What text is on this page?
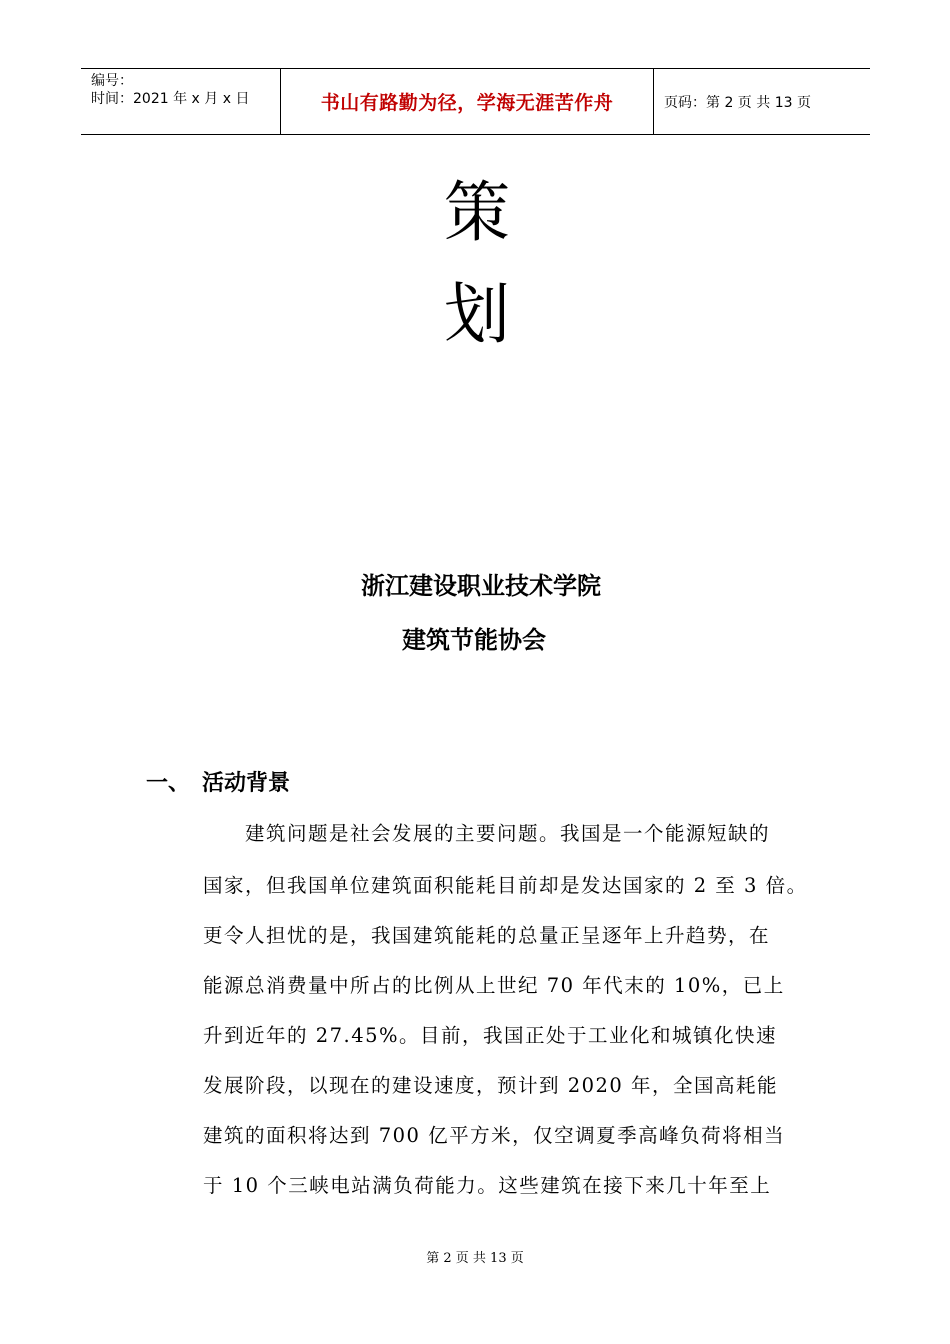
编号：
时间：2021 年 x 月 x 日	书山有路勤为径，学海无涯苦作舟	页码：第 2 页 共 13 页
策
划
浙江建设职业技术学院
建筑节能协会
一、 活动背景
建筑问题是社会发展的主要问题。我国是一个能源短缺的
国家，但我国单位建筑面积能耗目前却是发达国家的 2 至 3 倍。
更令人担忧的是，我国建筑能耗的总量正呈逐年上升趋势，在
能源总消费量中所占的比例从上世纪 70 年代末的 10%，已上
升到近年的 27.45%。目前，我国正处于工业化和城镇化快速
发展阶段，以现在的建设速度，预计到 2020 年，全国高耗能
建筑的面积将达到 700 亿平方米，仅空调夏季高峰负荷将相当
于 10 个三峡电站满负荷能力。这些建筑在接下来几十年至上
第 2 页 共 13 页
